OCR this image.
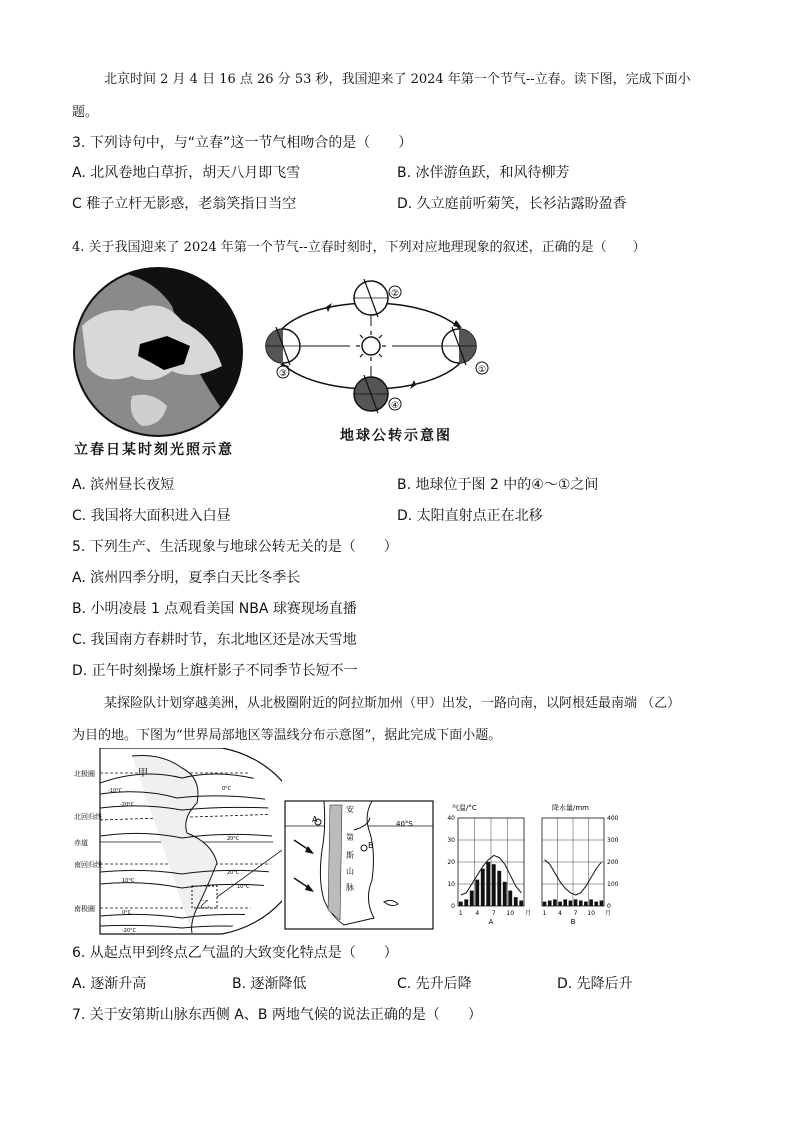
北京时间 2 月 4 日 16 点 26 分 53 秒，我国迎来了 2024 年第一个节气--立春。读下图，完成下面小
题。
3. 下列诗句中，与“立春”这一节气相吻合的是（　　）
A. 北风卷地白草折，胡天八月即飞雪	B. 冰伴游鱼跃，和风待柳芳
C 稚子立杆无影惑，老翁笑指日当空	D. 久立庭前听菊笑，长衫沾露盼盈香
4. 关于我国迎来了 2024 年第一个节气--立春时刻时，下列对应地理现象的叙述，正确的是（　　）
立春日某时刻光照示意
②
①
③
④
地球公转示意图
A. 滨州昼长夜短	B. 地球位于图 2 中的④～①之间
C. 我国将大面积进入白昼	D. 太阳直射点正在北移
5. 下列生产、生活现象与地球公转无关的是（　　）
A. 滨州四季分明，夏季白天比冬季长
B. 小明凌晨 1 点观看美国 NBA 球赛现场直播
C. 我国南方春耕时节，东北地区还是冰天雪地
D. 正午时刻操场上旗杆影子不同季节长短不一
某探险队计划穿越美洲，从北极圈附近的阿拉斯加州（甲）出发，一路向南，以阿根廷最南端 （乙）
为目的地。下图为“世界局部地区等温线分布示意图”，据此完成下面小题。
北极圈
北回归线
赤道
南回归线
南极圈
甲
乙
-10°C
-20°C
0°C
20°C
20°C
10°C
10°C
0°C
-20°C
A
B
40°S
安
第
斯
山
脉
1 4 7 10 月
A
气温/°C
0
10
20
30
40
1 4 7 10 月
B
降水量/mm
0
100
200
300
400
6. 从起点甲到终点乙气温的大致变化特点是（　　）
A. 逐渐升高	B. 逐渐降低	C. 先升后降	D. 先降后升
7. 关于安第斯山脉东西侧 A、B 两地气候的说法正确的是（　　）
